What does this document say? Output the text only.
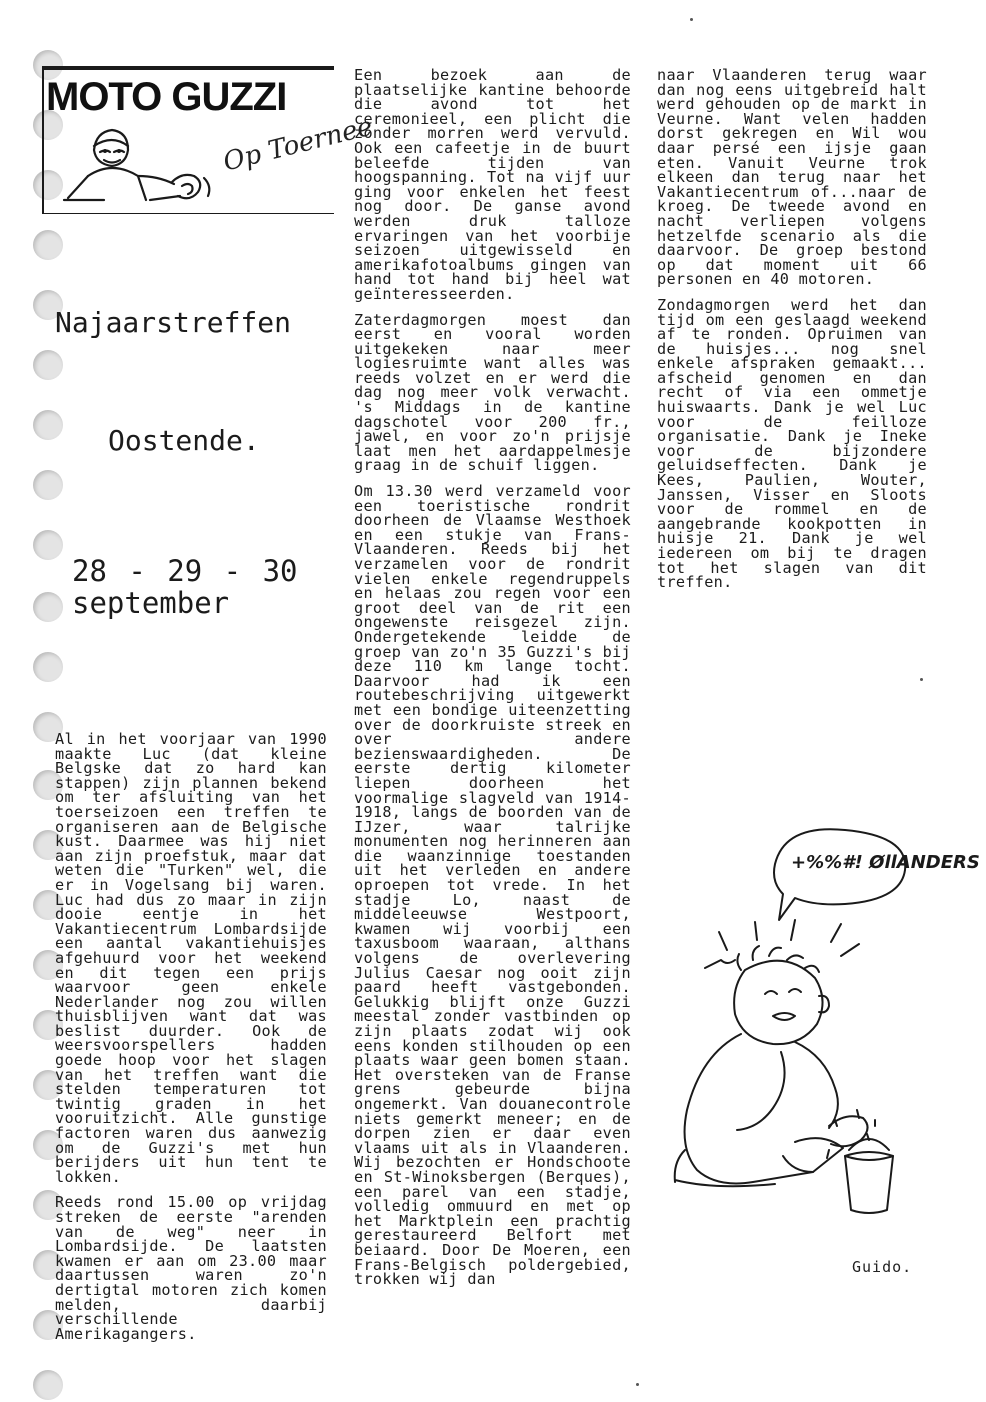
MOTO GUZZI
Op Toernee
Najaarstreffen
Oostende.
28 - 29 - 30
september

Al in het voorjaar van 1990 maakte Luc (dat kleine Belgske dat zo hard kan stappen) zijn plannen bekend om ter afsluiting van het toerseizoen een treffen te organiseren aan de Belgische kust. Daarmee was hij niet aan zijn proefstuk, maar dat weten die "Turken" wel, die er in Vogelsang bij waren. Luc had dus zo maar in zijn dooie eentje in het Vakantiecentrum Lombardsijde een aantal vakantiehuisjes afgehuurd voor het weekend en dit tegen een prijs waarvoor geen enkele Nederlander nog zou willen thuisblijven want dat was beslist duurder. Ook de weersvoorspellers hadden goede hoop voor het slagen van het treffen want die stelden temperaturen tot twintig graden in het vooruitzicht. Alle gunstige factoren waren dus aanwezig om de Guzzi's met hun berijders uit hun tent te lokken.

Reeds rond 15.00 op vrijdag streken de eerste "arenden van de weg" neer in Lombardsijde. De laatsten kwamen er aan om 23.00 maar daartussen waren zo'n dertigtal motoren zich komen melden, daarbij verschillende Amerikagangers.

Een bezoek aan de plaatselijke kantine behoorde die avond tot het ceremonieel, een plicht die zonder morren werd vervuld. Ook een cafeetje in de buurt beleefde tijden van hoogspanning. Tot na vijf uur ging voor enkelen het feest nog door. De ganse avond werden druk talloze ervaringen van het voorbije seizoen uitgewisseld en amerikafotoalbums gingen van hand tot hand bij heel wat geïnteresseerden.

Zaterdagmorgen moest dan eerst en vooral worden uitgekeken naar meer logiesruimte want alles was reeds volzet en er werd die dag nog meer volk verwacht. 's Middags in de kantine dagschotel voor 200 fr., jawel, en voor zo'n prijsje laat men het aardappelmesje graag in de schuif liggen.

Om 13.30 werd verzameld voor een toeristische rondrit doorheen de Vlaamse Westhoek en een stukje van Frans-Vlaanderen. Reeds bij het verzamelen voor de rondrit vielen enkele regendruppels en helaas zou regen voor een groot deel van de rit een ongewenste reisgezel zijn. Ondergetekende leidde de groep van zo'n 35 Guzzi's bij deze 110 km lange tocht. Daarvoor had ik een routebeschrijving uitgewerkt met een bondige uiteenzetting over de doorkruiste streek en over andere bezienswaardigheden. De eerste dertig kilometer liepen doorheen het voormalige slagveld van 1914-1918, langs de boorden van de IJzer, waar talrijke monumenten nog herinneren aan die waanzinnige toestanden uit het verleden en andere oproepen tot vrede. In het stadje Lo, naast de middeleeuwse Westpoort, kwamen wij voorbij een taxusboom waaraan, althans volgens de overlevering Julius Caesar nog ooit zijn paard heeft vastgebonden. Gelukkig blijft onze Guzzi meestal zonder vastbinden op zijn plaats zodat wij ook eens konden stilhouden op een plaats waar geen bomen staan. Het oversteken van de Franse grens gebeurde bijna ongemerkt. Van douanecontrole niets gemerkt meneer; en de dorpen zien er daar even vlaams uit als in Vlaanderen. Wij bezochten er Hondschoote en St-Winoksbergen (Berques), een parel van een stadje, volledig ommuurd en met op het Marktplein een prachtig gerestaureerd Belfort met beiaard. Door De Moeren, een Frans-Belgisch poldergebied, trokken wij dan

naar Vlaanderen terug waar dan nog eens uitgebreid halt werd gehouden op de markt in Veurne. Want velen hadden dorst gekregen en Wil wou daar persé een ijsje gaan eten. Vanuit Veurne trok elkeen dan terug naar het Vakantiecentrum of...naar de kroeg. De tweede avond en nacht verliepen volgens hetzelfde scenario als die daarvoor. De groep bestond op dat moment uit 66 personen en 40 motoren.

Zondagmorgen werd het dan tijd om een geslaagd weekend af te ronden. Opruimen van de huisjes... nog snel enkele afspraken gemaakt... afscheid genomen en dan recht of via een ommetje huiswaarts. Dank je wel Luc voor de feilloze organisatie. Dank je Ineke voor de bijzondere geluidseffecten. Dank je Kees, Paulien, Wouter, Janssen, Visser en Sloots voor de rommel en de aangebrande kookpotten in huisje 21. Dank je wel iedereen om bij te dragen tot het slagen van dit treffen.

+%%#! ØllANDERS
Guido.
